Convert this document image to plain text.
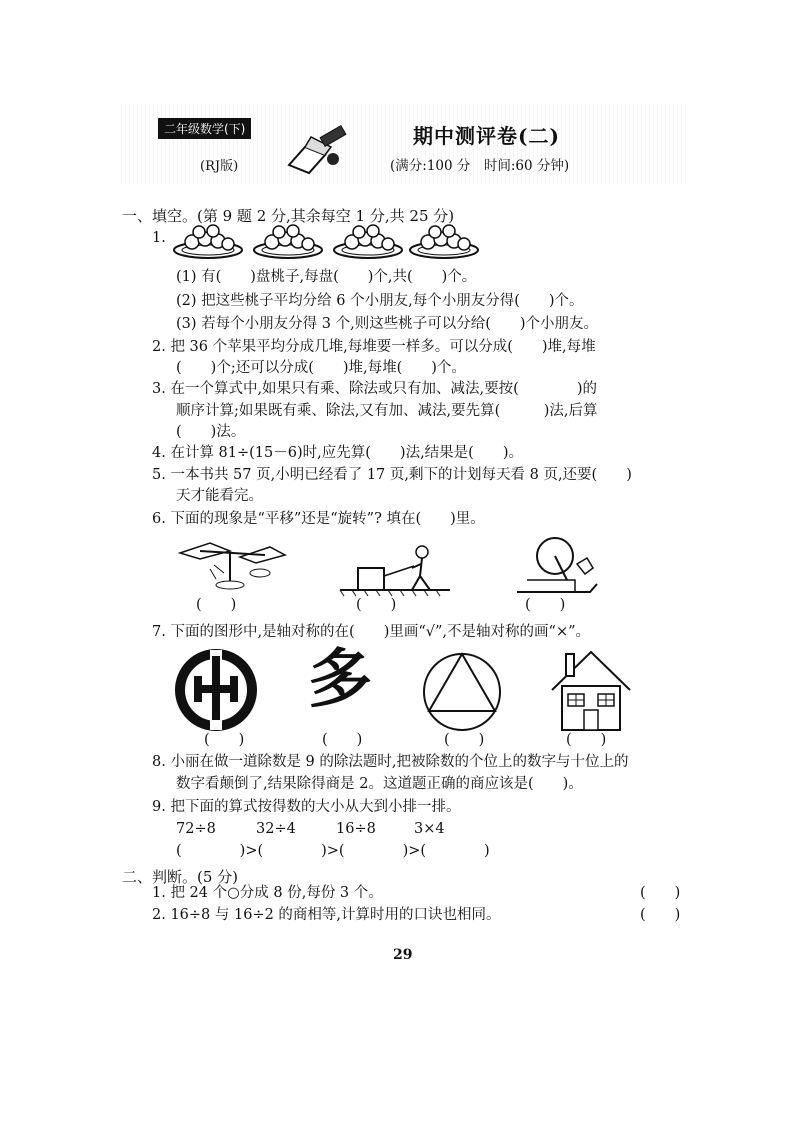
二年级数学(下)
(RJ版)
期中测评卷(二)
(满分:100 分　时间:60 分钟)
一、填空。(第 9 题 2 分,其余每空 1 分,共 25 分)
1.
(1) 有(　　)盘桃子,每盘(　　)个,共(　　)个。
(2) 把这些桃子平均分给 6 个小朋友,每个小朋友分得(　　)个。
(3) 若每个小朋友分得 3 个,则这些桃子可以分给(　　)个小朋友。
2. 把 36 个苹果平均分成几堆,每堆要一样多。可以分成(　　)堆,每堆
(　　)个;还可以分成(　　)堆,每堆(　　)个。
3. 在一个算式中,如果只有乘、除法或只有加、减法,要按(　　　　)的
顺序计算;如果既有乘、除法,又有加、减法,要先算(　　　)法,后算
(　　)法。
4. 在计算 81÷(15－6)时,应先算(　　)法,结果是(　　)。
5. 一本书共 57 页,小明已经看了 17 页,剩下的计划每天看 8 页,还要(　　)
天才能看完。
6. 下面的现象是“平移”还是“旋转”? 填在(　　)里。
(　　)	(　　)	(　　)
7. 下面的图形中,是轴对称的在(　　)里画“√”,不是轴对称的画“×”。
多
(　　)	(　　)	(　　)	(　　)
8. 小丽在做一道除数是 9 的除法题时,把被除数的个位上的数字与十位上的
数字看颠倒了,结果除得商是 2。这道题正确的商应该是(　　)。
9. 把下面的算式按得数的大小从大到小排一排。
72÷8	32÷4	16÷8	3×4
(　　　　)>(　　　　)>(　　　　)>(　　　　)
二、判断。(5 分)
1. 把 24 个○分成 8 份,每份 3 个。	(　　)
2. 16÷8 与 16÷2 的商相等,计算时用的口诀也相同。	(　　)
29
